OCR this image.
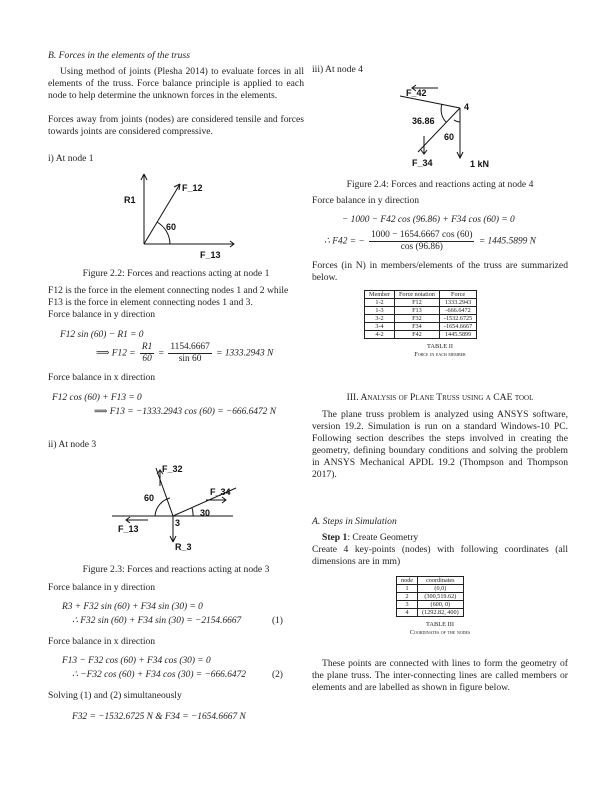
B. Forces in the elements of the truss

Using method of joints (Plesha 2014) to evaluate forces in all elements of the truss. Force balance principle is applied to each node to help determine the unknown forces in the elements.

Forces away from joints (nodes) are considered tensile and forces towards joints are considered compressive.

i) At node 1
R1
F_12
60
F_13
Figure 2.2: Forces and reactions acting at node 1
F12 is the force in the element connecting nodes 1 and 2 while
F13 is the force in element connecting nodes 1 and 3.
Force balance in y direction
F12 sin (60) − R1 = 0
⟹ $F12 = \frac{R1}{60} = \frac{1154.6667}{\sin 60} = 1333.2943$ N
Force balance in x direction
F12 cos (60) + F13 = 0
⟹ F13 = −1333.2943 cos (60) = −666.6472 N
ii) At node 3
F_32
F_34
60
30
3
F_13
R_3
Figure 2.3: Forces and reactions acting at node 3
Force balance in y direction
R3 + F32 sin (60) + F34 sin (30) = 0
∴ F32 sin (60) + F34 sin (30) = −2154.6667	(1)
Force balance in x direction
F13 − F32 cos (60) + F34 cos (30) = 0
∴ −F32 cos (60) + F34 cos (30) = −666.6472	(2)
Solving (1) and (2) simultaneously
F32 = −1532.6725 N & F34 = −1654.6667 N
iii) At node 4
F_42
4
36.86
60
F_34	1 kN
Figure 2.4: Forces and reactions acting at node 4
Force balance in y direction
− 1000 − F42 cos (96.86) + F34 cos (60) = 0
∴ F42 = − $\frac{1000 - 1654.6667 \cos (60)}{\cos (96.86)} = 1445.5899$ N

Forces (in N) in members/elements of the truss are summarized below.

Member	Force notation	Force
1-2	F12	1333.2943
1-3	F13	-666.6472
3-2	F32	-1532.6725
3-4	F34	-1654.6667
4-2	F42	1445.5899
TABLE II
Force in each member
III. Analysis of Plane Truss using a CAE tool

The plane truss problem is analyzed using ANSYS software, version 19.2. Simulation is run on a standard Windows-10 PC. Following section describes the steps involved in creating the geometry, defining boundary conditions and solving the problem in ANSYS Mechanical APDL 19.2 (Thompson and Thompson 2017).

A. Steps in Simulation
Step 1: Create Geometry

Create 4 key-points (nodes) with following coordinates (all dimensions are in mm)

node	coordinates
1	(0,0)
2	(300,519.62)
3	(600, 0)
4	(1292.82, 400)
TABLE III
Coordinates of the nodes

These points are connected with lines to form the geometry of the plane truss. The inter-connecting lines are called members or elements and are labelled as shown in figure below.
